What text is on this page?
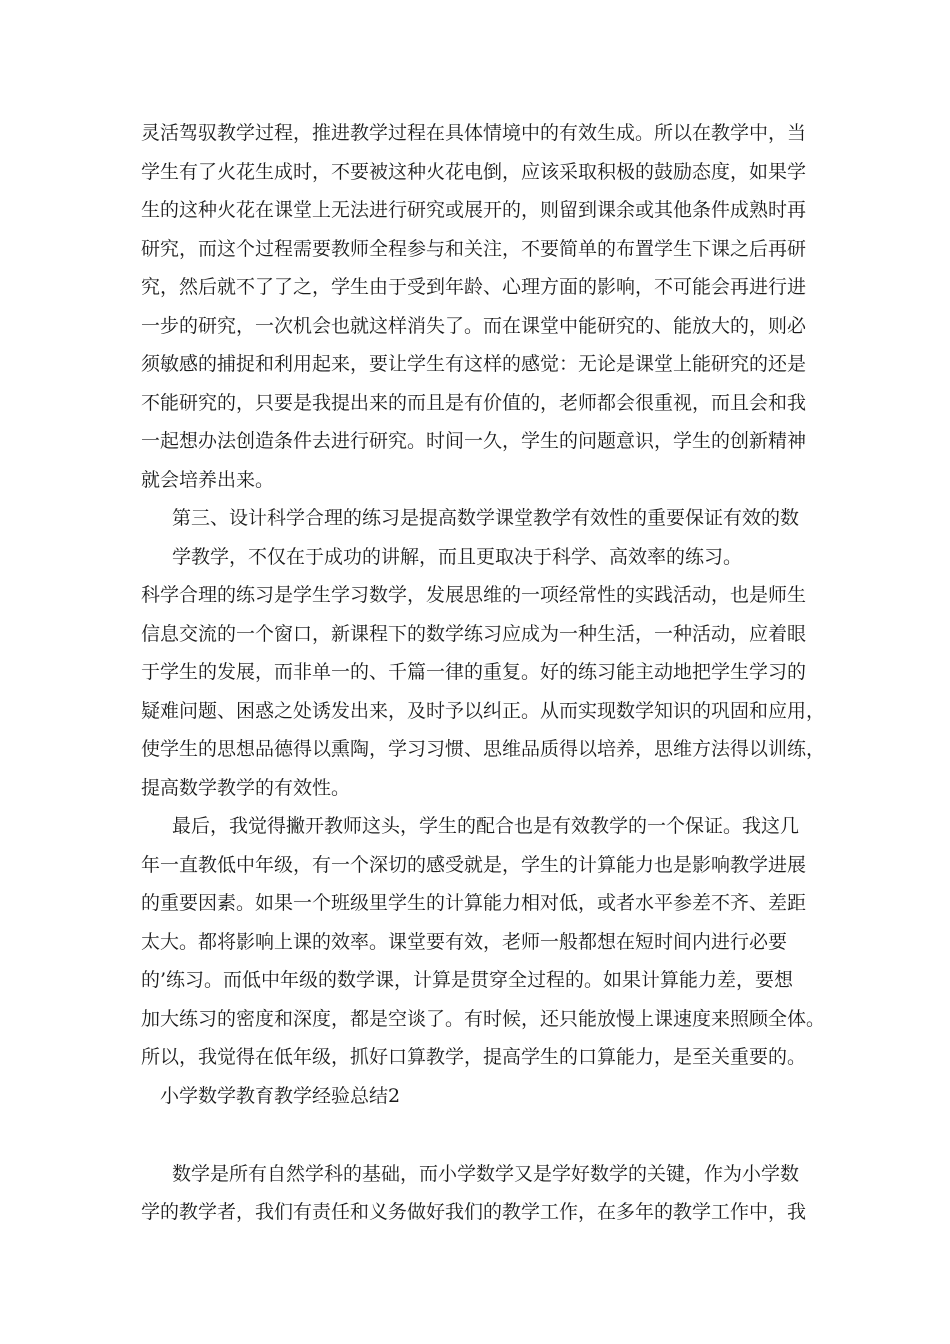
灵活驾驭教学过程，推进教学过程在具体情境中的有效生成。所以在教学中，当
学生有了火花生成时，不要被这种火花电倒，应该采取积极的鼓励态度，如果学
生的这种火花在课堂上无法进行研究或展开的，则留到课余或其他条件成熟时再
研究，而这个过程需要教师全程参与和关注，不要简单的布置学生下课之后再研
究，然后就不了了之，学生由于受到年龄、心理方面的影响，不可能会再进行进
一步的研究，一次机会也就这样消失了。而在课堂中能研究的、能放大的，则必
须敏感的捕捉和利用起来，要让学生有这样的感觉：无论是课堂上能研究的还是
不能研究的，只要是我提出来的而且是有价值的，老师都会很重视，而且会和我
一起想办法创造条件去进行研究。时间一久，学生的问题意识，学生的创新精神
就会培养出来。
第三、设计科学合理的练习是提高数学课堂教学有效性的重要保证有效的数
学教学，不仅在于成功的讲解，而且更取决于科学、高效率的练习。
科学合理的练习是学生学习数学，发展思维的一项经常性的实践活动，也是师生
信息交流的一个窗口，新课程下的数学练习应成为一种生活，一种活动，应着眼
于学生的发展，而非单一的、千篇一律的重复。好的练习能主动地把学生学习的
疑难问题、困惑之处诱发出来，及时予以纠正。从而实现数学知识的巩固和应用，
使学生的思想品德得以熏陶，学习习惯、思维品质得以培养，思维方法得以训练，
提高数学教学的有效性。
最后，我觉得撇开教师这头，学生的配合也是有效教学的一个保证。我这几
年一直教低中年级，有一个深切的感受就是，学生的计算能力也是影响教学进展
的重要因素。如果一个班级里学生的计算能力相对低，或者水平参差不齐、差距
太大。都将影响上课的效率。课堂要有效，老师一般都想在短时间内进行必要
的’练习。而低中年级的数学课，计算是贯穿全过程的。如果计算能力差，要想
加大练习的密度和深度，都是空谈了。有时候，还只能放慢上课速度来照顾全体。
所以，我觉得在低年级，抓好口算教学，提高学生的口算能力，是至关重要的。
小学数学教育教学经验总结2
数学是所有自然学科的基础，而小学数学又是学好数学的关键，作为小学数
学的教学者，我们有责任和义务做好我们的教学工作，在多年的教学工作中，我
